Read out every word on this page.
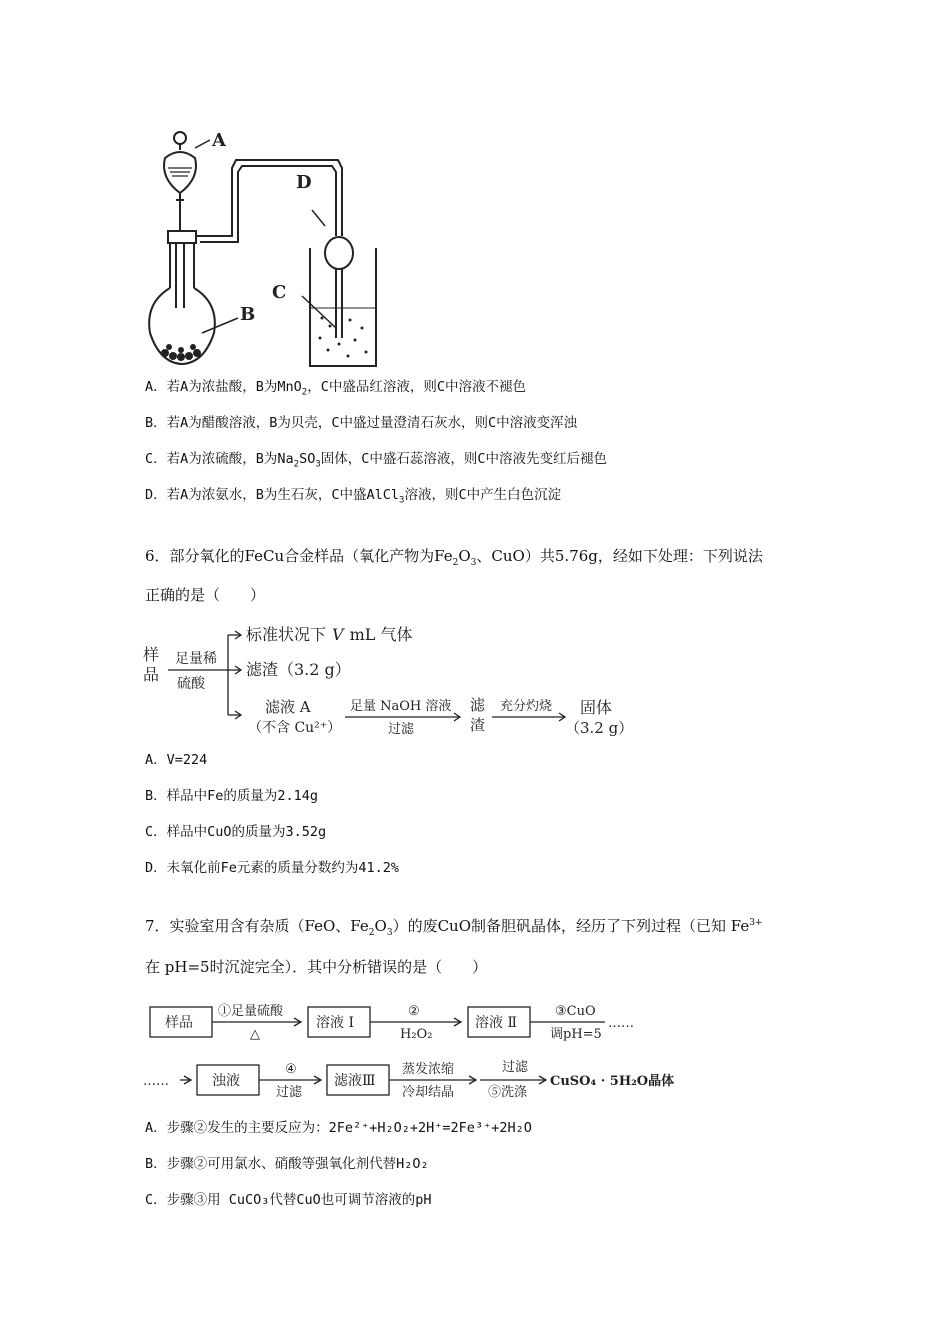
A
B
D
C
A．若A为浓盐酸，B为MnO$_2$，C中盛品红溶液，则C中溶液不褪色
B．若A为醋酸溶液，B为贝壳，C中盛过量澄清石灰水，则C中溶液变浑浊
C．若A为浓硫酸，B为$Na_2SO_3$固体，C中盛石蕊溶液，则C中溶液先变红后褪色
D．若A为浓氨水，B为生石灰，C中盛AlCl$_3$溶液，则C中产生白色沉淀
6．部分氧化的FeCu合金样品（氧化产物为$Fe_2O_3$、CuO）共5.76g，经如下处理：下列说法
正确的是（　　）
样
品
足量稀
硫酸
标准状况下 V mL 气体
滤渣（3.2 g）
滤液 A
（不含 Cu²⁺）
足量 NaOH 溶液
过滤
滤
渣
充分灼烧 固体
（3.2 g）
A．V=224
B．样品中Fe的质量为2.14g
C．样品中CuO的质量为3.52g
D．未氧化前Fe元素的质量分数约为41.2%
7．实验室用含有杂质（FeO、$Fe_2O_3$）的废CuO制备胆矾晶体，经历了下列过程（已知 $Fe^{3+}$
在 pH=5时沉淀完全）．其中分析错误的是（　　）
样品
①足量硫酸
△
溶液 Ⅰ
②
H₂O₂
溶液 Ⅱ
③CuO
调pH=5
……
……	浊液
④
过滤
滤液Ⅲ
蒸发浓缩
冷却结晶
过滤
⑤洗涤
CuSO₄ · 5H₂O晶体
A．步骤②发生的主要反应为：2Fe²⁺+H₂O₂+2H⁺=2Fe³⁺+2H₂O
B．步骤②可用氯水、硝酸等强氧化剂代替H₂O₂
C．步骤③用 CuCO₃代替CuO也可调节溶液的pH
